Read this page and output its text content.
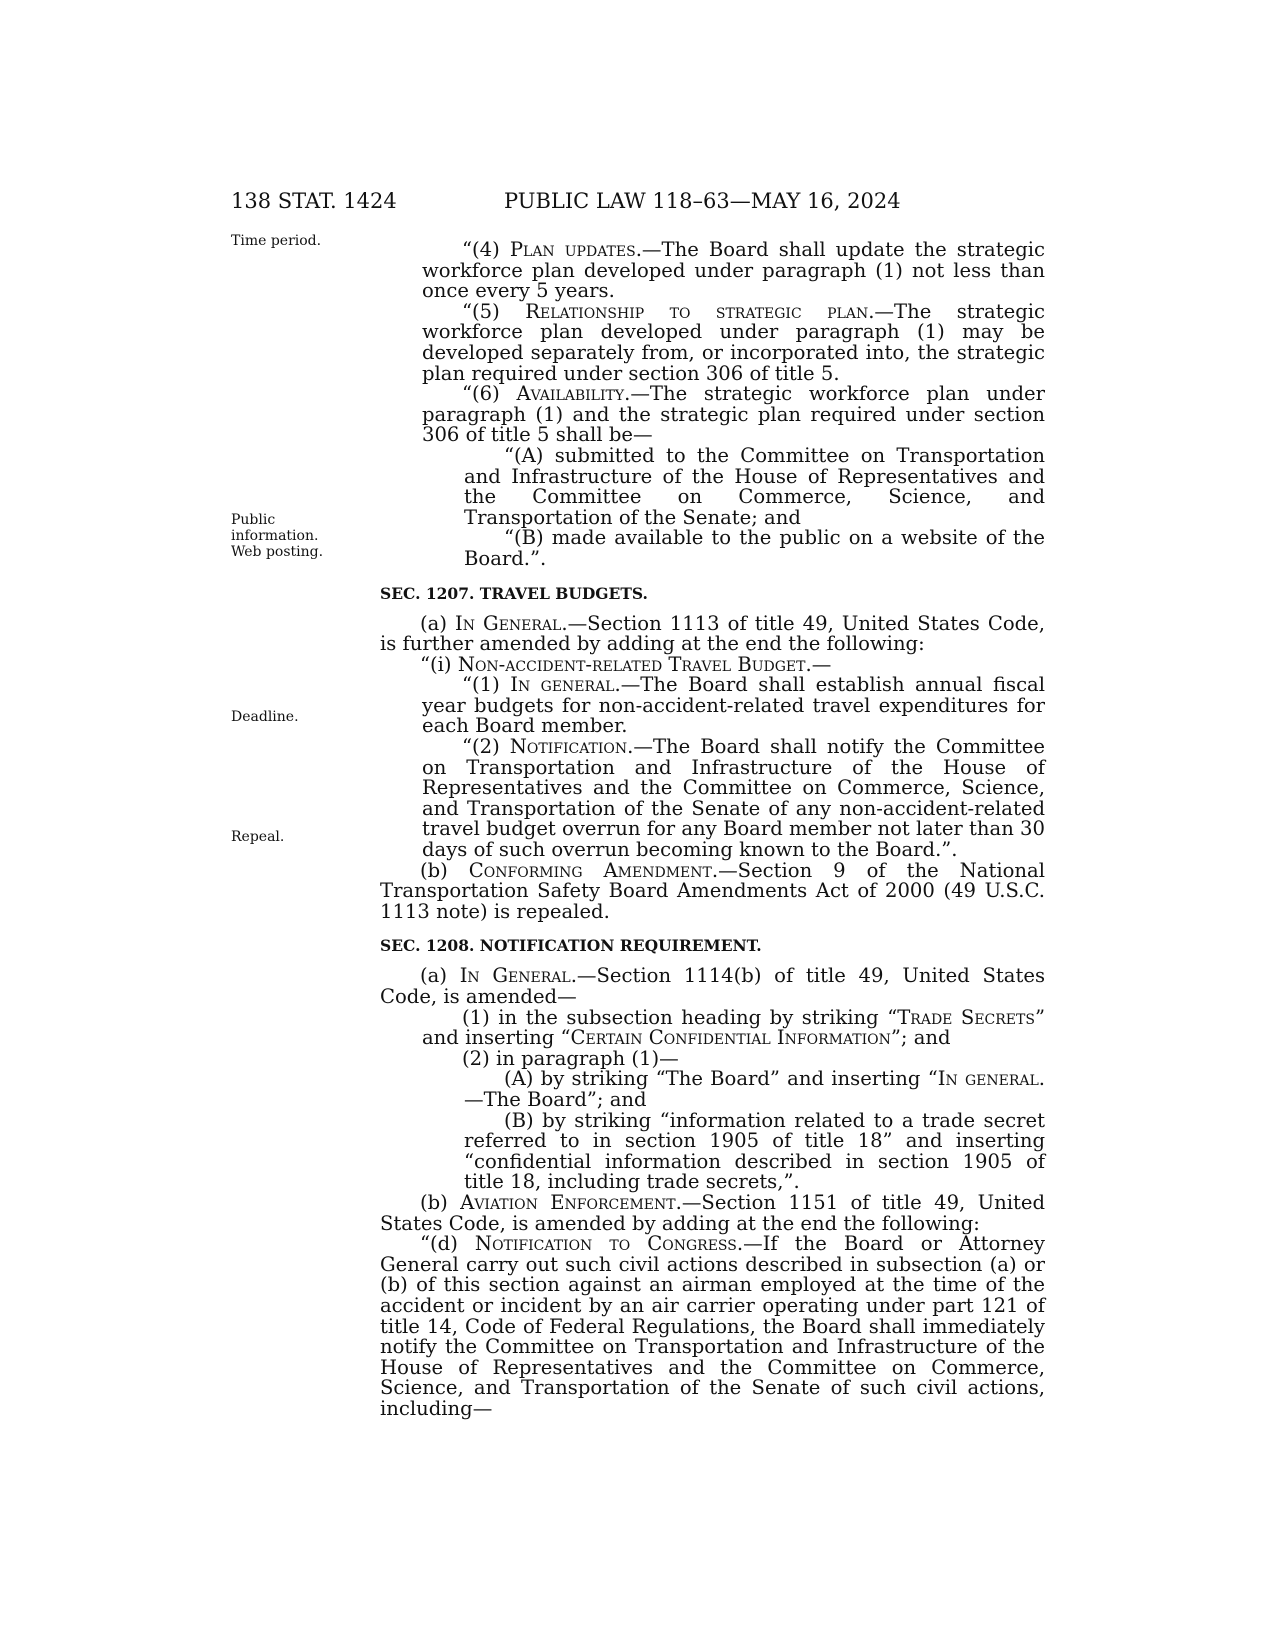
138 STAT. 1424	PUBLIC LAW 118–63—MAY 16, 2024
Time period.
Public
information.
Web posting.
Deadline.
Repeal.

“(4) Plan updates.—The Board shall update the strategic workforce plan developed under paragraph (1) not less than once every 5 years.

“(5) Relationship to strategic plan.—The strategic workforce plan developed under paragraph (1) may be developed separately from, or incorporated into, the strategic plan required under section 306 of title 5.

“(6) Availability.—The strategic workforce plan under paragraph (1) and the strategic plan required under section 306 of title 5 shall be—

“(A) submitted to the Committee on Transportation and Infrastructure of the House of Representatives and the Committee on Commerce, Science, and Transportation of the Senate; and

“(B) made available to the public on a website of the Board.”.

SEC. 1207. TRAVEL BUDGETS.

(a) In General.—Section 1113 of title 49, United States Code, is further amended by adding at the end the following:

“(i) Non-accident-related Travel Budget.—

“(1) In general.—The Board shall establish annual fiscal year budgets for non-accident-related travel expenditures for each Board member.

“(2) Notification.—The Board shall notify the Committee on Transportation and Infrastructure of the House of Representatives and the Committee on Commerce, Science, and Transportation of the Senate of any non-accident-related travel budget overrun for any Board member not later than 30 days of such overrun becoming known to the Board.”.

(b) Conforming Amendment.—Section 9 of the National Transportation Safety Board Amendments Act of 2000 (49 U.S.C. 1113 note) is repealed.

SEC. 1208. NOTIFICATION REQUIREMENT.

(a) In General.—Section 1114(b) of title 49, United States Code, is amended—

(1) in the subsection heading by striking “Trade Secrets” and inserting “Certain Confidential Information”; and

(2) in paragraph (1)—

(A) by striking “The Board” and inserting “In general.—The Board”; and

(B) by striking “information related to a trade secret referred to in section 1905 of title 18” and inserting “confidential information described in section 1905 of title 18, including trade secrets,”.

(b) Aviation Enforcement.—Section 1151 of title 49, United States Code, is amended by adding at the end the following:

“(d) Notification to Congress.—If the Board or Attorney General carry out such civil actions described in subsection (a) or (b) of this section against an airman employed at the time of the accident or incident by an air carrier operating under part 121 of title 14, Code of Federal Regulations, the Board shall immediately notify the Committee on Transportation and Infrastructure of the House of Representatives and the Committee on Commerce, Science, and Transportation of the Senate of such civil actions, including—
